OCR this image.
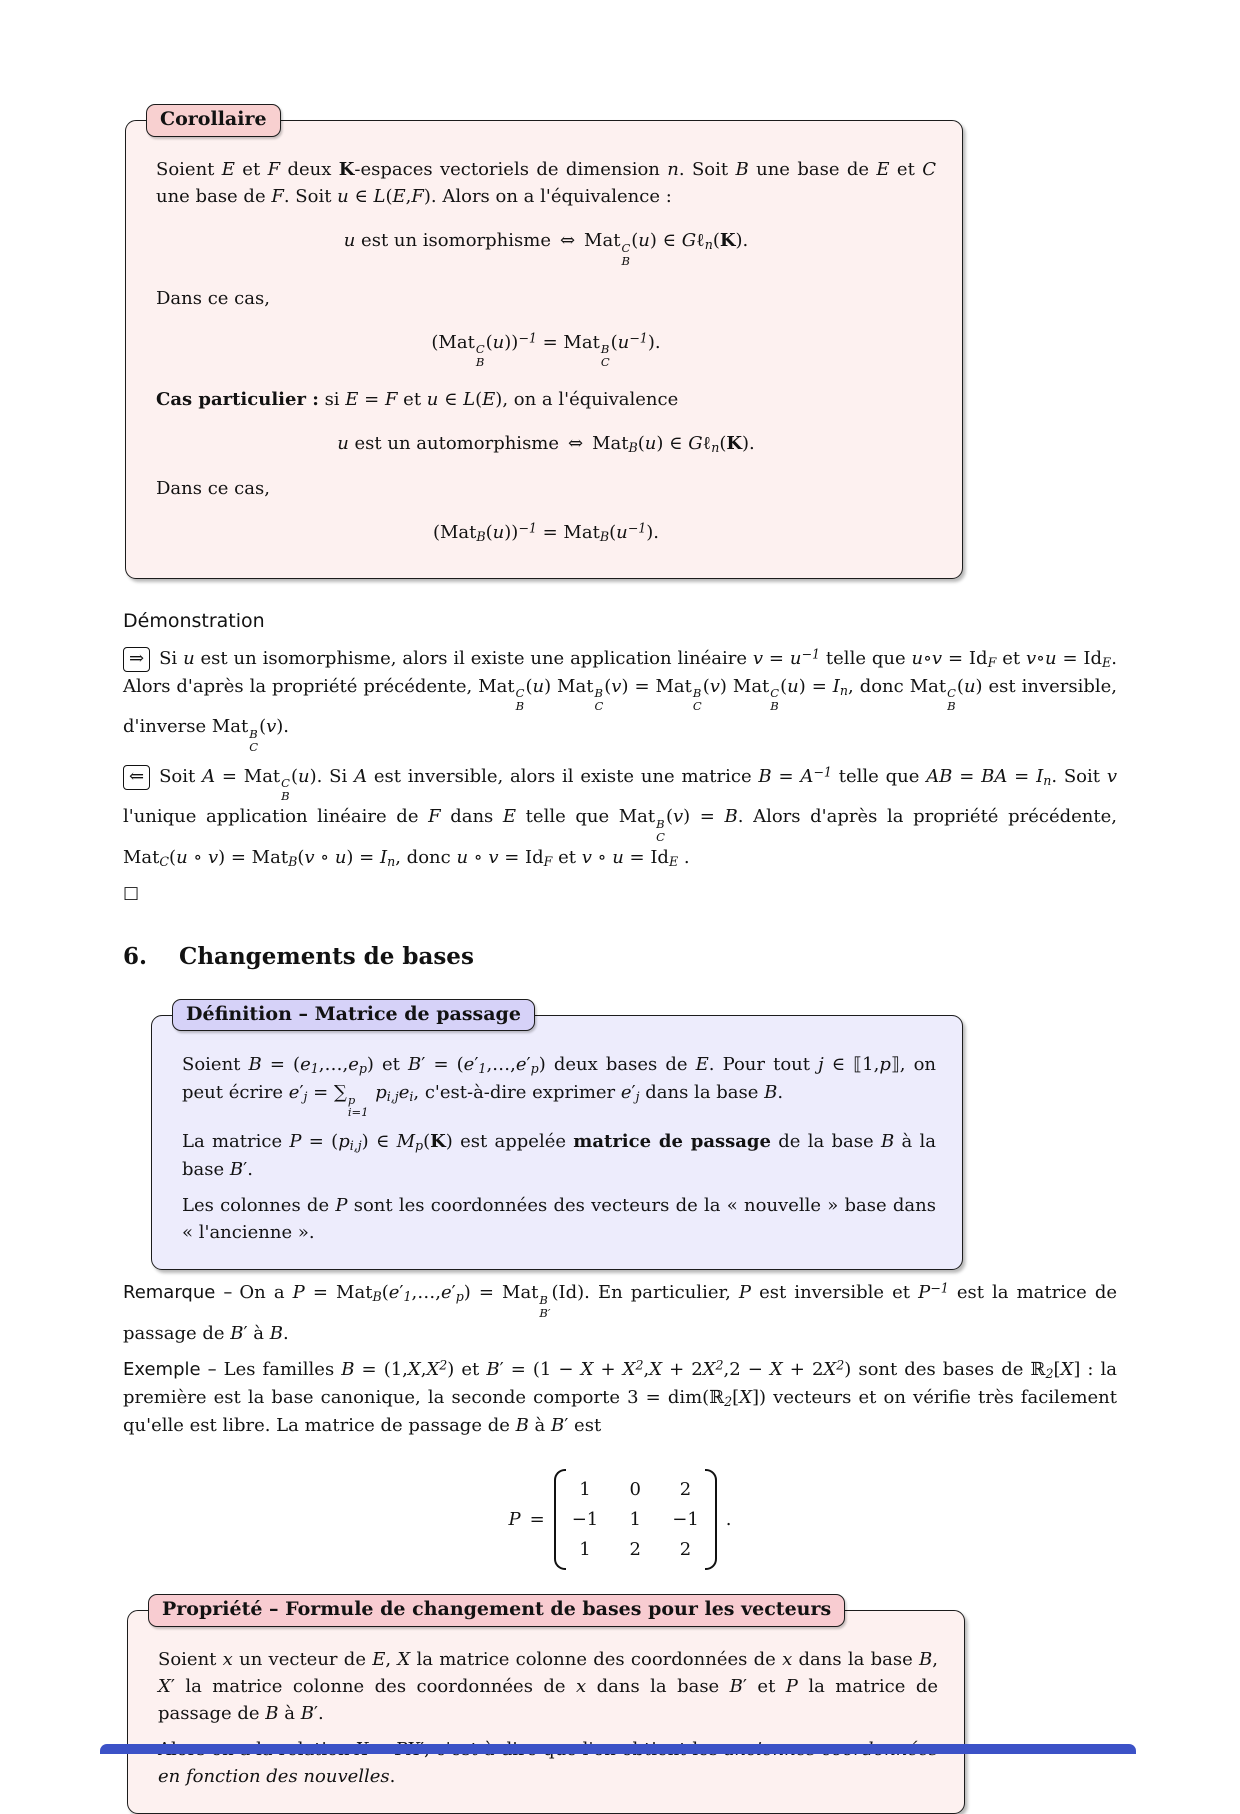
Corollaire

Soient E et F deux K-espaces vectoriels de dimension n. Soit B une base de E et C une base de F. Soit u ∈ L(E,F). Alors on a l'équivalence :

u est un isomorphisme ⇔ Mat C
B
(u) ∈ Gℓn(K).

Dans ce cas,

(Mat C
B
(u))$^{-1}$ = Mat B
C
$(u^{-1})$.

Cas particulier : si E = F et u ∈ L(E), on a l'équivalence

u est un automorphisme ⇔ MatB(u) ∈ Gℓn(K).

Dans ce cas,

(MatB(u))$^{-1}$ = $MatB(u^{-1})$.

Démonstration

⇒ Si u est un isomorphisme, alors il existe une application linéaire $v = u^{-1}$ telle que u∘v = IdF et v∘u = IdE. Alors d'après la propriété précédente, Mat C
B
(u) Mat B
C
(v) = Mat B
C
(v) Mat C
B
(u) = In, donc Mat C
B
(u) est inversible, d'inverse Mat B
C
(v).

⇐ Soit A = Mat C
B
(u). Si A est inversible, alors il existe une matrice $B = A^{-1}$ telle que AB = BA = In. Soit v l'unique application linéaire de F dans E telle que Mat B
C
(v) = B. Alors d'après la propriété précédente, MatC(u ∘ v) = MatB(v ∘ u) = In, donc u ∘ v = IdF et v ∘ u = IdE .

□

6. Changements de bases
Définition – Matrice de passage

Soient B = (e1,…,ep) et B′ = (e′1,…,e′p) deux bases de E. Pour tout j ∈ ⟦1,p⟧, on peut écrire e′j = ∑ p
i=1
pi,jei, c'est-à-dire exprimer e′j dans la base B.

La matrice P = (pi,j) ∈ Mp(K) est appelée matrice de passage de la base B à la base B′.

Les colonnes de P sont les coordonnées des vecteurs de la « nouvelle » base dans « l'ancienne ».

Remarque – On a P = MatB(e′1,…,e′p) = Mat B
B′
(Id). En particulier, P est inversible et $P^{-1}$ est la matrice de passage de B′ à B.

Exemple – Les familles $B = (1,X,X^2)$ et $B' = (1 - X + X^2,X + 2X^2,2 - X + 2X^2)$ sont des bases de ℝ2[X] : la première est la base canonique, la seconde comporte 3 = dim(ℝ2[X]) vecteurs et on vérifie très facilement qu'elle est libre. La matrice de passage de B à B′ est

P =
1	0	2
−1	1	−1
1	2	2
.
Propriété – Formule de changement de bases pour les vecteurs

Soient x un vecteur de E, X la matrice colonne des coordonnées de x dans la base B, X′ la matrice colonne des coordonnées de x dans la base B′ et P la matrice de passage de B à B′.

en fonction des nouvelles.
